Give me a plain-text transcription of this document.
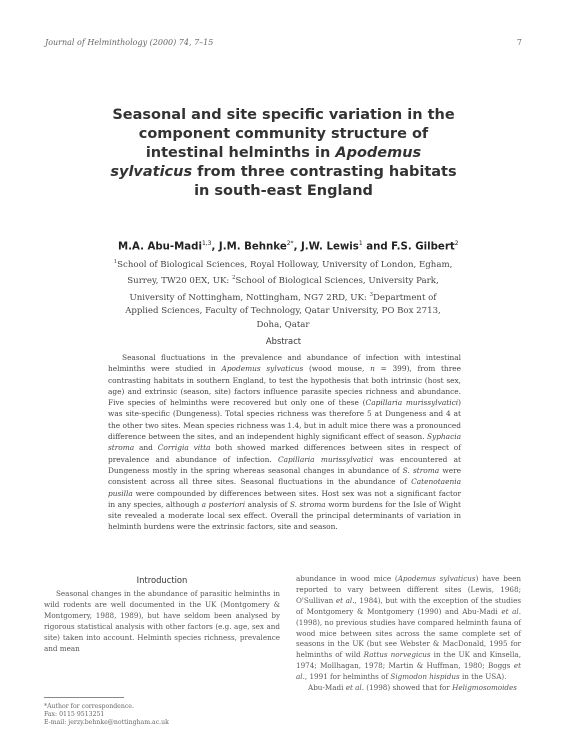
Journal of Helminthology (2000) 74, 7–15	7
Seasonal and site specific variation in the
component community structure of
intestinal helminths in Apodemus
sylvaticus from three contrasting habitats
in south-east England
M.A. Abu-Madi$^{1,3}$, J.M. Behnke$^{2*}$, J.W. Lewis$^1$ and F.S. Gilbert$^2$
$^1$School of Biological Sciences, Royal Holloway, University of London, Egham, Surrey, TW20 0EX, UK: $^2$School of Biological Sciences, University Park, University of Nottingham, Nottingham, NG7 2RD, UK: $^3$Department of Applied Sciences, Faculty of Technology, Qatar University, PO Box 2713, Doha, Qatar
Abstract
Seasonal fluctuations in the prevalence and abundance of infection with intestinal helminths were studied in Apodemus sylvaticus (wood mouse, n = 399), from three contrasting habitats in southern England, to test the hypothesis that both intrinsic (host sex, age) and extrinsic (season, site) factors influence parasite species richness and abundance. Five species of helminths were recovered but only one of these (Capillaria murissylvatici) was site-specific (Dungeness). Total species richness was therefore 5 at Dungeness and 4 at the other two sites. Mean species richness was 1.4, but in adult mice there was a pronounced difference between the sites, and an independent highly significant effect of season. Syphacia stroma and Corrigia vitta both showed marked differences between sites in respect of prevalence and abundance of infection. Capillaria murissylvatici was encountered at Dungeness mostly in the spring whereas seasonal changes in abundance of S. stroma were consistent across all three sites. Seasonal fluctuations in the abundance of Catenotaenia pusilla were compounded by differences between sites. Host sex was not a significant factor in any species, although a posteriori analysis of S. stroma worm burdens for the Isle of Wight site revealed a moderate local sex effect. Overall the principal determinants of variation in helminth burdens were the extrinsic factors, site and season.
Introduction
Seasonal changes in the abundance of parasitic helminths in wild rodents are well documented in the UK (Montgomery & Montgomery, 1988, 1989), but have seldom been analysed by rigorous statistical analysis with other factors (e.g. age, sex and site) taken into account. Helminth species richness, prevalence and mean

abundance in wood mice (Apodemus sylvaticus) have been reported to vary between different sites (Lewis, 1968; O'Sullivan et al., 1984), but with the exception of the studies of Montgomery & Montgomery (1990) and Abu-Madi et al. (1998), no previous studies have compared helminth fauna of wood mice between sites across the same complete set of seasons in the UK (but see Webster & MacDonald, 1995 for helminths of wild Rattus norvegicus in the UK and Kinsella, 1974; Mollhagan, 1978; Martin & Huffman, 1980; Boggs et al., 1991 for helminths of Sigmodon hispidus in the USA).

Abu-Madi et al. (1998) showed that for Heligmosomoides

*Author for correspondence.
Fax: 0115 9513251
E-mail: jerzy.behnke@nottingham.ac.uk
